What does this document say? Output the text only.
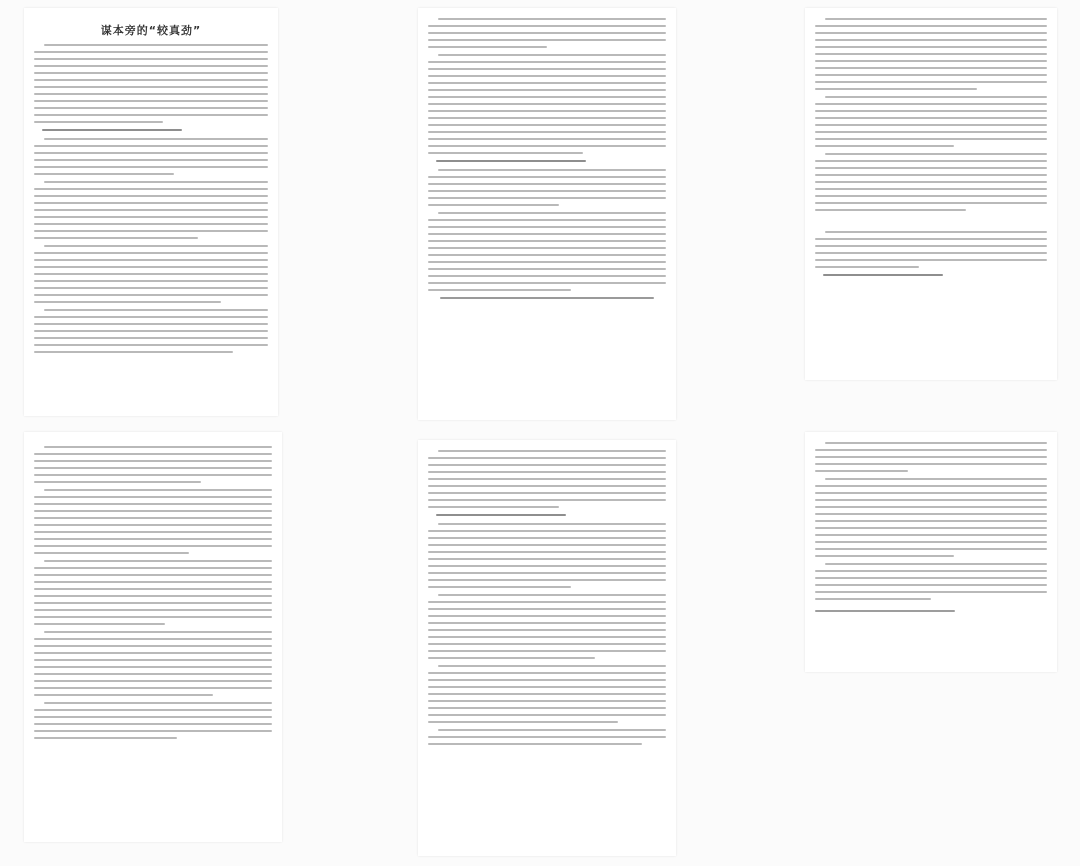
谋本旁的“较真劲”
